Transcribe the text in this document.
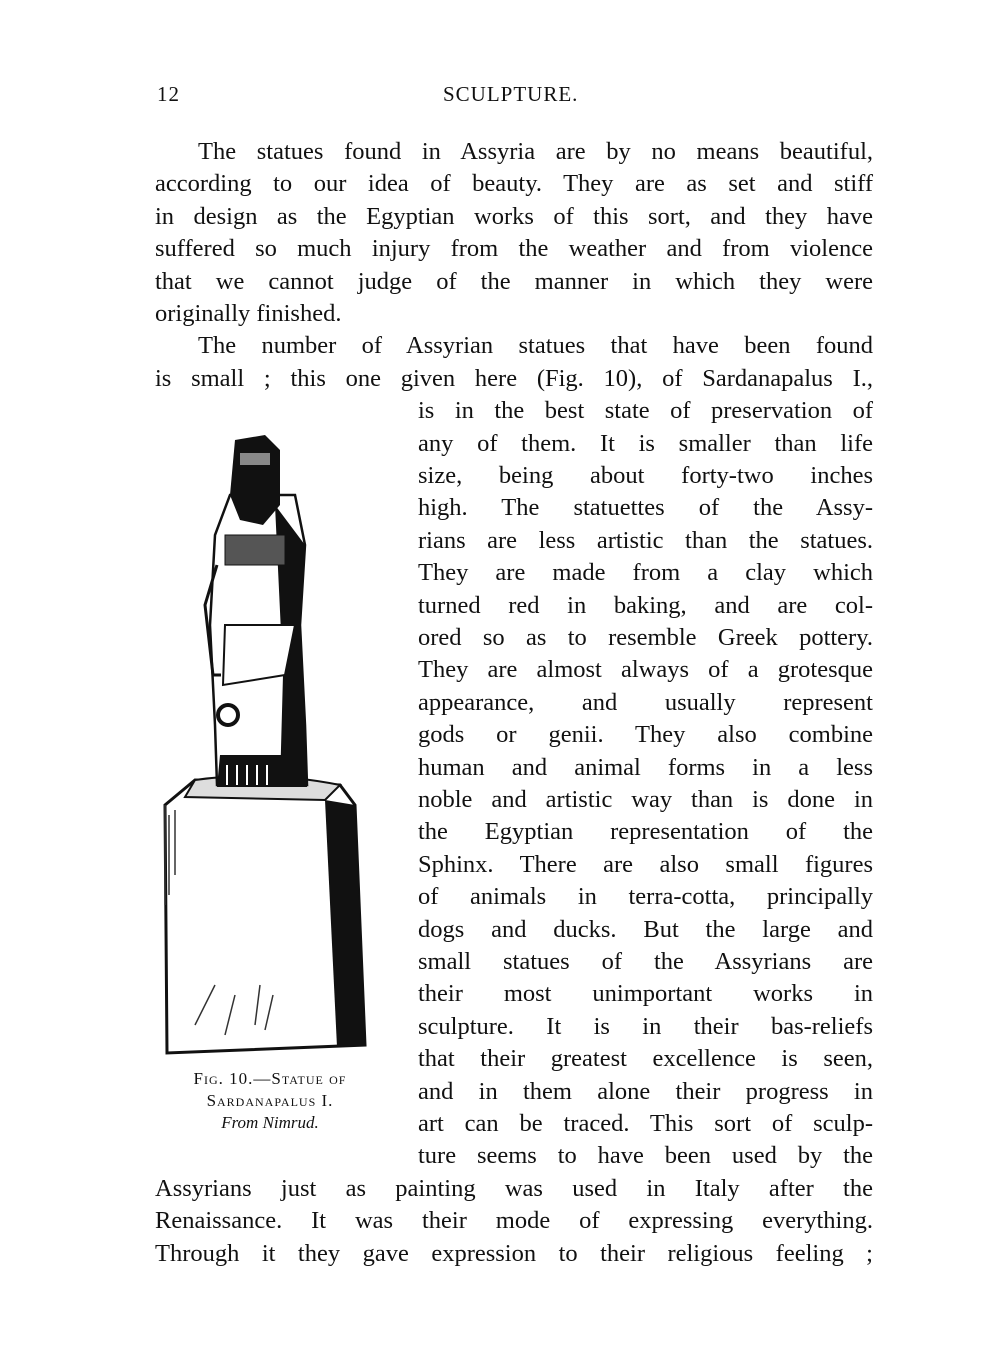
12	SCULPTURE.
The statues found in Assyria are by no means beautiful,
according to our idea of beauty. They are as set and stiff
in design as the Egyptian works of this sort, and they have
suffered so much injury from the weather and from violence
that we cannot judge of the manner in which they were
originally finished.
The number of Assyrian statues that have been found
is small ; this one given here (Fig. 10), of Sardanapalus I.,
is in the best state of preservation of
any of them. It is smaller than life
size, being about forty-two inches
high. The statuettes of the Assy-
rians are less artistic than the statues.
They are made from a clay which
turned red in baking, and are col-
ored so as to resemble Greek pottery.
They are almost always of a grotesque
appearance, and usually represent
gods or genii. They also combine
human and animal forms in a less
noble and artistic way than is done in
the Egyptian representation of the
Sphinx. There are also small figures
of animals in terra-cotta, principally
dogs and ducks. But the large and
small statues of the Assyrians are
their most unimportant works in
sculpture. It is in their bas-reliefs
that their greatest excellence is seen,
and in them alone their progress in
art can be traced. This sort of sculp-
ture seems to have been used by the
Assyrians just as painting was used in Italy after the
Renaissance. It was their mode of expressing everything.
Through it they gave expression to their religious feeling ;
Fig. 10.—Statue of
Sardanapalus I.
From Nimrud.
